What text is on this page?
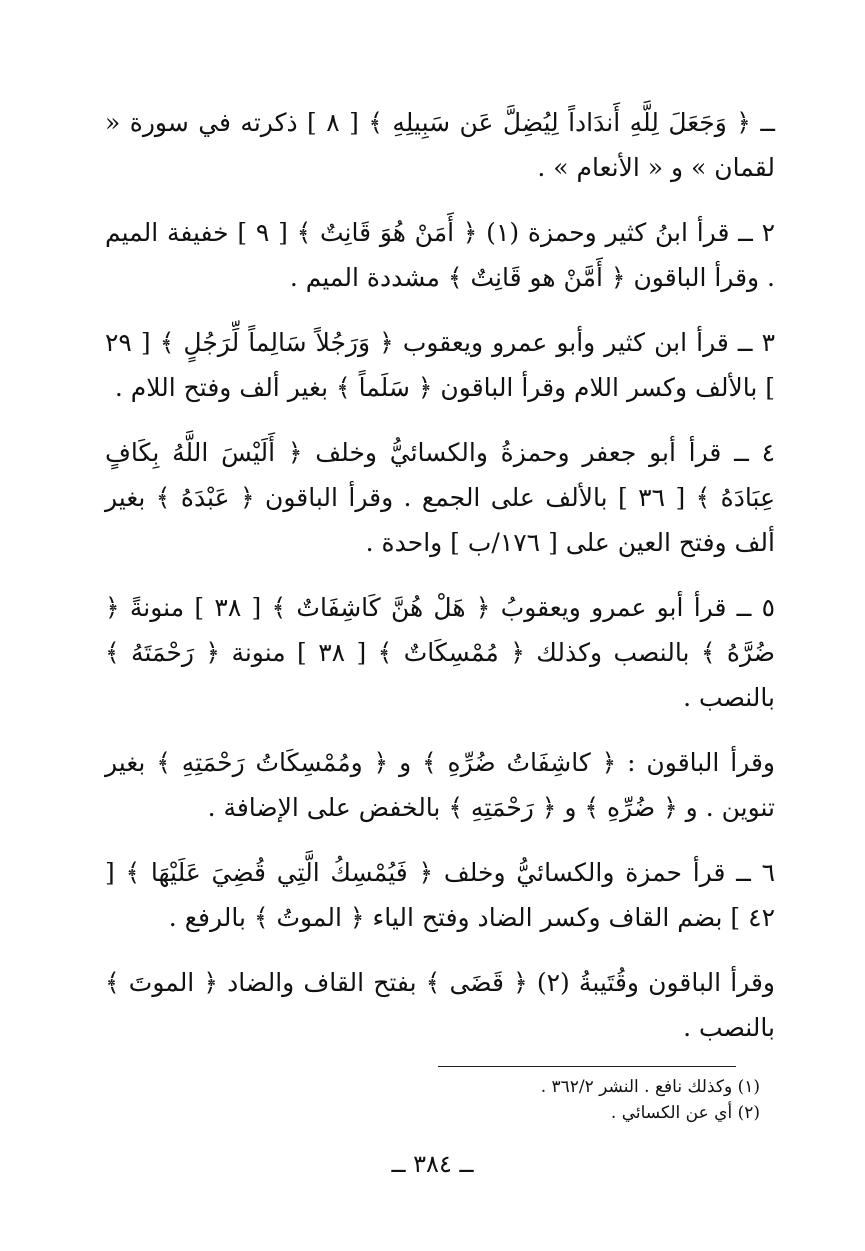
ــ ﴿ وَجَعَلَ لِلَّهِ أَندَاداً لِيُضِلَّ عَن سَبِيلِهِ ﴾ [ ٨ ] ذكرته في سورة « لقمان » و « الأنعام » .

٢ ــ قرأ ابنُ كثير وحمزة (١) ﴿ أَمَنْ هُوَ قَانِتٌ ﴾ [ ٩ ] خفيفة الميم . وقرأ الباقون ﴿ أَمَّنْ هو قَانِتٌ ﴾ مشددة الميم .

٣ ــ قرأ ابن كثير وأبو عمرو ويعقوب ﴿ وَرَجُلاً سَالِماً لِّرَجُلٍ ﴾ [ ٢٩ ] بالألف وكسر اللام وقرأ الباقون ﴿ سَلَماً ﴾ بغير ألف وفتح اللام .

٤ ــ قرأ أبو جعفر وحمزةُ والكسائيُّ وخلف ﴿ أَلَيْسَ اللَّهُ بِكَافٍ عِبَادَهُ ﴾ [ ٣٦ ] بالألف على الجمع . وقرأ الباقون ﴿ عَبْدَهُ ﴾ بغير ألف وفتح العين على [ ١٧٦/ب ] واحدة .

٥ ــ قرأ أبو عمرو ويعقوبُ ﴿ هَلْ هُنَّ كَاشِفَاتٌ ﴾ [ ٣٨ ] منونةً ﴿ ضُرَّهُ ﴾ بالنصب وكذلك ﴿ مُمْسِكَاتٌ ﴾ [ ٣٨ ] منونة ﴿ رَحْمَتَهُ ﴾ بالنصب .

وقرأ الباقون : ﴿ كاشِفَاتُ ضُرِّهِ ﴾ و ﴿ ومُمْسِكَاتُ رَحْمَتِهِ ﴾ بغير تنوين . و ﴿ ضُرِّهِ ﴾ و ﴿ رَحْمَتِهِ ﴾ بالخفض على الإضافة .

٦ ــ قرأ حمزة والكسائيُّ وخلف ﴿ فَيُمْسِكُ الَّتِي قُضِيَ عَلَيْهَا ﴾ [ ٤٢ ] بضم القاف وكسر الضاد وفتح الياء ﴿ الموتُ ﴾ بالرفع .

وقرأ الباقون وقُتَيبةُ (٢) ﴿ قَضَى ﴾ بفتح القاف والضاد ﴿ الموتَ ﴾ بالنصب .

(١) وكذلك نافع . النشر ٣٦٢/٢ .

(٢) أي عن الكسائي .

ــ ٣٨٤ ــ
